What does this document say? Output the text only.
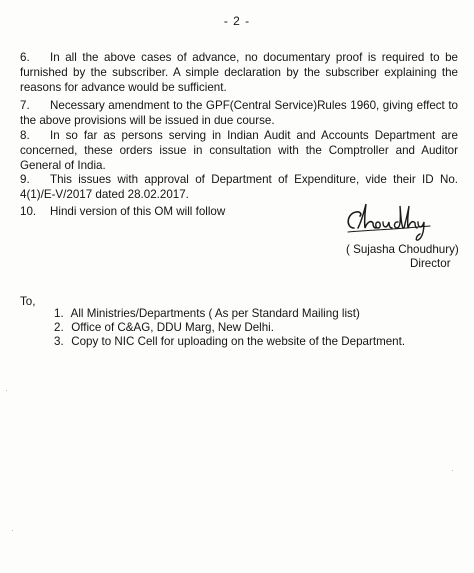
- 2 -
6. In all the above cases of advance, no documentary proof is required to be furnished by the subscriber. A simple declaration by the subscriber explaining the reasons for advance would be sufficient.
7. Necessary amendment to the GPF(Central Service)Rules 1960, giving effect to the above provisions will be issued in due course.
8. In so far as persons serving in Indian Audit and Accounts Department are concerned, these orders issue in consultation with the Comptroller and Auditor General of India.
9. This issues with approval of Department of Expenditure, vide their ID No. 4(1)/E-V/2017 dated 28.02.2017.
10. Hindi version of this OM will follow
( Sujasha Choudhury)
Director
To,
1. All Ministries/Departments ( As per Standard Mailing list)
2. Office of C&AG, DDU Marg, New Delhi.
3. Copy to NIC Cell for uploading on the website of the Department.
